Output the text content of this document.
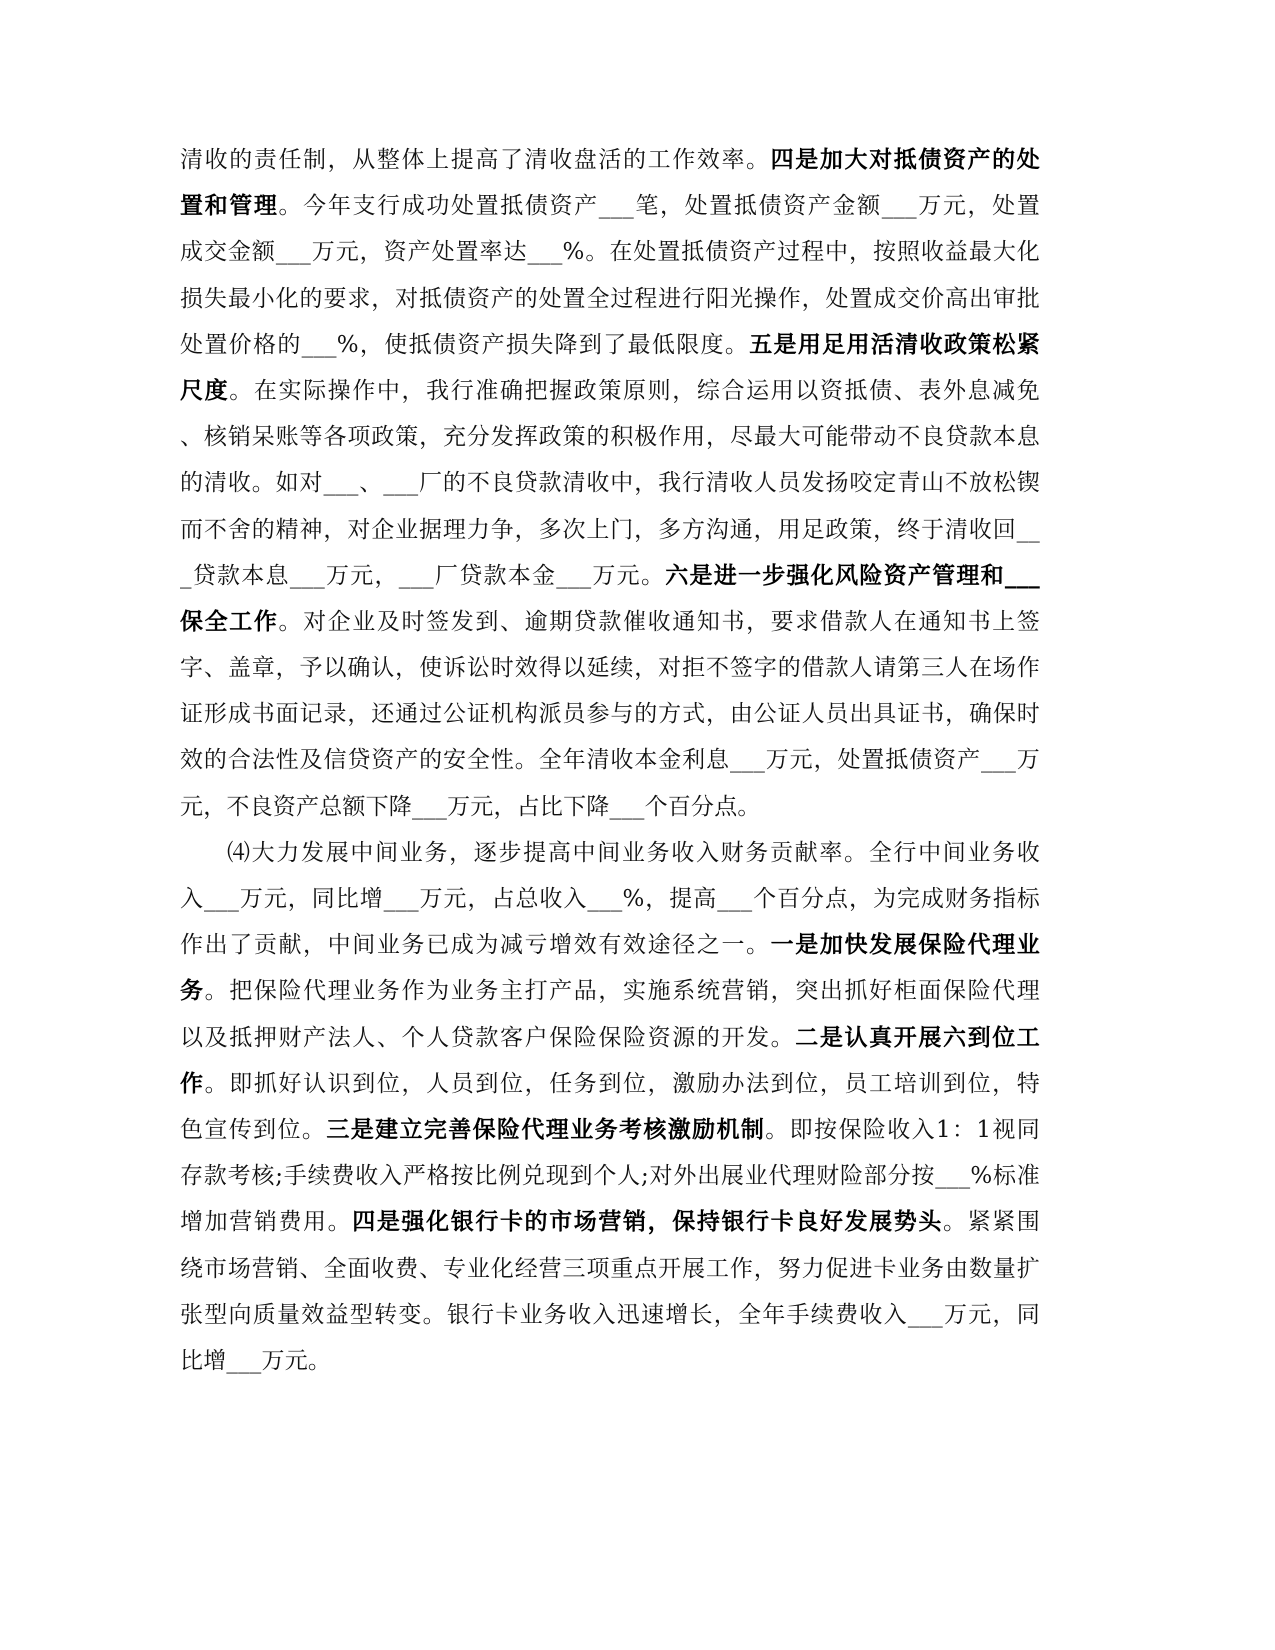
清收的责任制，从整体上提高了清收盘活的工作效率。四是加大对抵债资产的处
置和管理。今年支行成功处置抵债资产___笔，处置抵债资产金额___万元，处置
成交金额___万元，资产处置率达___%。在处置抵债资产过程中，按照收益最大化
损失最小化的要求，对抵债资产的处置全过程进行阳光操作，处置成交价高出审批
处置价格的___%，使抵债资产损失降到了最低限度。五是用足用活清收政策松紧
尺度。在实际操作中，我行准确把握政策原则，综合运用以资抵债、表外息减免
、核销呆账等各项政策，充分发挥政策的积极作用，尽最大可能带动不良贷款本息
的清收。如对___、___厂的不良贷款清收中，我行清收人员发扬咬定青山不放松锲
而不舍的精神，对企业据理力争，多次上门，多方沟通，用足政策，终于清收回__
_贷款本息___万元，___厂贷款本金___万元。六是进一步强化风险资产管理和___
保全工作。对企业及时签发到、逾期贷款催收通知书，要求借款人在通知书上签
字、盖章，予以确认，使诉讼时效得以延续，对拒不签字的借款人请第三人在场作
证形成书面记录，还通过公证机构派员参与的方式，由公证人员出具证书，确保时
效的合法性及信贷资产的安全性。全年清收本金利息___万元，处置抵债资产___万
元，不良资产总额下降___万元，占比下降___个百分点。
⑷大力发展中间业务，逐步提高中间业务收入财务贡献率。全行中间业务收
入___万元，同比增___万元，占总收入___%，提高___个百分点，为完成财务指标
作出了贡献，中间业务已成为减亏增效有效途径之一。一是加快发展保险代理业
务。把保险代理业务作为业务主打产品，实施系统营销，突出抓好柜面保险代理
以及抵押财产法人、个人贷款客户保险保险资源的开发。二是认真开展六到位工
作。即抓好认识到位，人员到位，任务到位，激励办法到位，员工培训到位，特
色宣传到位。三是建立完善保险代理业务考核激励机制。即按保险收入1：1视同
存款考核;手续费收入严格按比例兑现到个人;对外出展业代理财险部分按___%标准
增加营销费用。四是强化银行卡的市场营销，保持银行卡良好发展势头。紧紧围
绕市场营销、全面收费、专业化经营三项重点开展工作，努力促进卡业务由数量扩
张型向质量效益型转变。银行卡业务收入迅速增长，全年手续费收入___万元，同
比增___万元。
